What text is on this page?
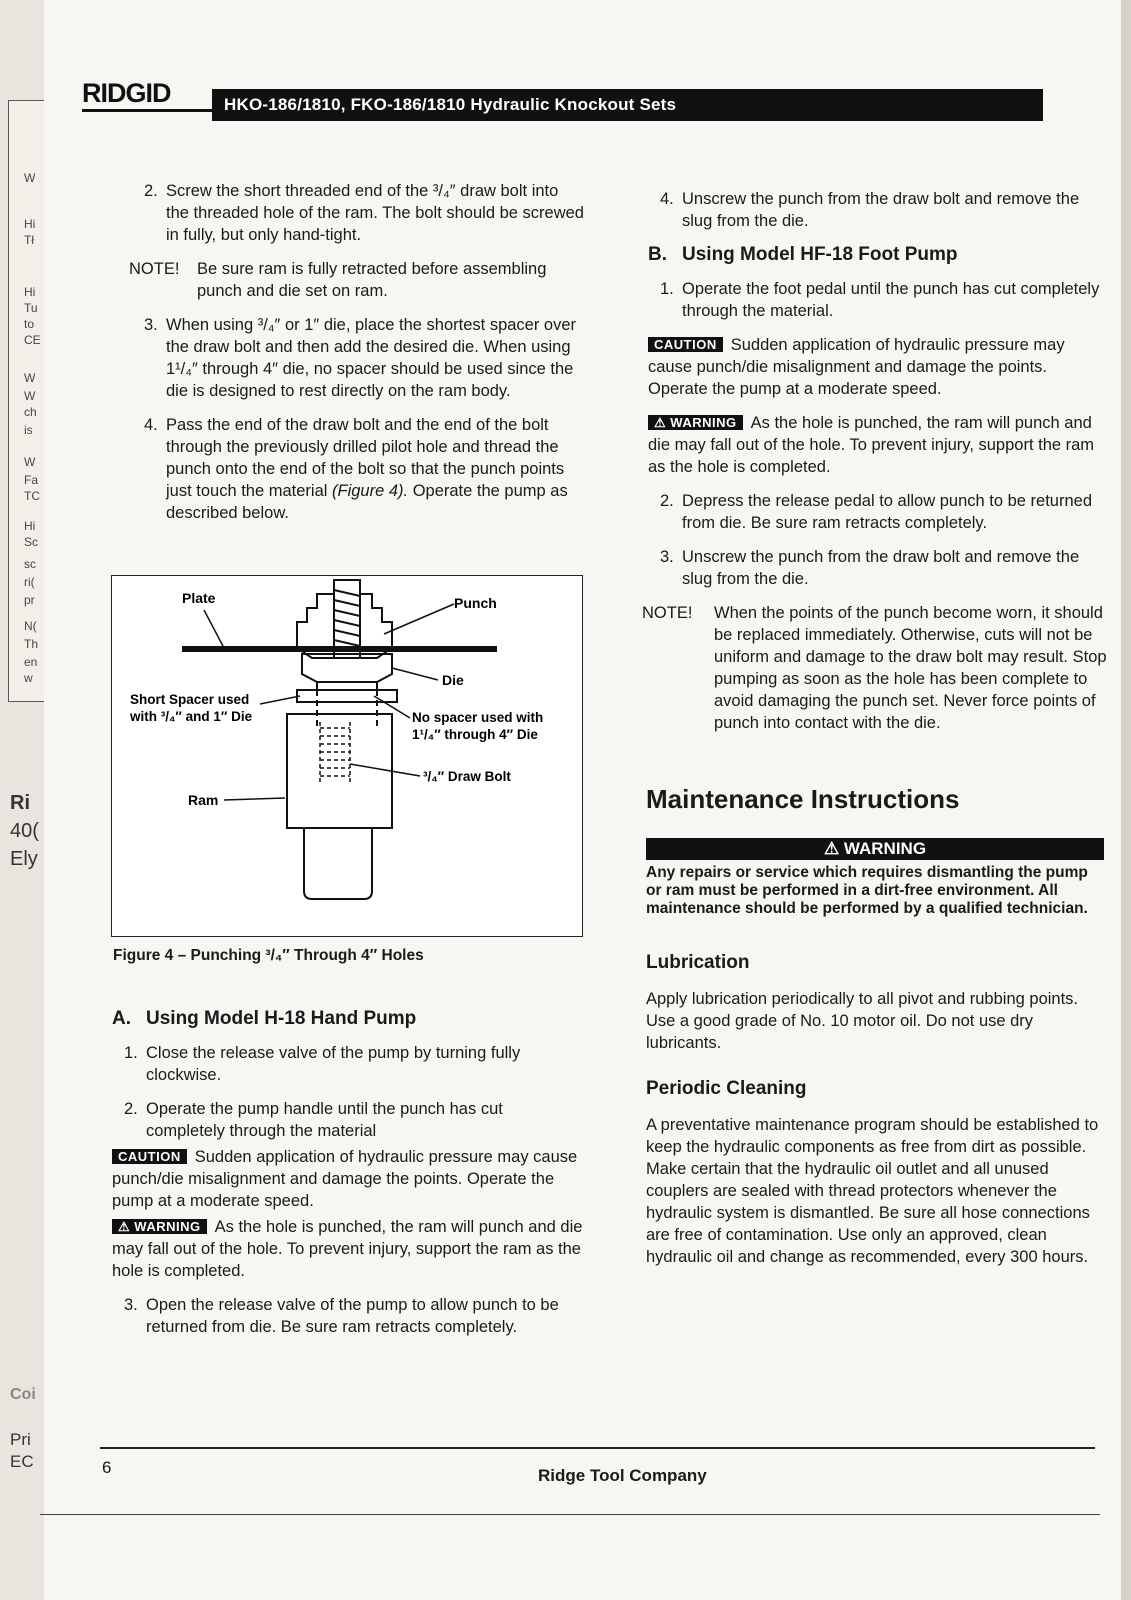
W
Hi
Tł
Hi
Tu
to
CE
W
W
ch
is
W
Fa
TC
Hi
Sc
sc
ri(
pr
N(
Th
en
w
Ri
40(
Ely
Coi
Pri
EC
RIDGID	HKO-186/1810, FKO-186/1810 Hydraulic Knockout Sets
2. Screw the short threaded end of the ³/₄″ draw bolt into the threaded hole of the ram. The bolt should be screwed in fully, but only hand-tight.
NOTE! Be sure ram is fully retracted before assembling punch and die set on ram.
3. When using ³/₄″ or 1″ die, place the shortest spacer over the draw bolt and then add the desired die. When using 1¹/₄″ through 4″ die, no spacer should be used since the die is designed to rest directly on the ram body.
4. Pass the end of the draw bolt and the end of the bolt through the previously drilled pilot hole and thread the punch onto the end of the bolt so that the punch points just touch the material (Figure 4). Operate the pump as described below.
Plate	Punch
Die
Short Spacer used
with ³/₄″ and 1″ Die	No spacer used with
1¹/₄″ through 4″ Die
³/₄″ Draw Bolt
Ram
Figure 4 – Punching ³/₄″ Through 4″ Holes
A. Using Model H-18 Hand Pump
1. Close the release valve of the pump by turning fully clockwise.
2. Operate the pump handle until the punch has cut completely through the material
CAUTION Sudden application of hydraulic pressure may cause punch/die misalignment and damage the points. Operate the pump at a moderate speed.
⚠ WARNING As the hole is punched, the ram will punch and die may fall out of the hole. To prevent injury, support the ram as the hole is completed.
3. Open the release valve of the pump to allow punch to be returned from die. Be sure ram retracts completely.
4. Unscrew the punch from the draw bolt and remove the slug from the die.
B. Using Model HF-18 Foot Pump
1. Operate the foot pedal until the punch has cut completely through the material.
CAUTION Sudden application of hydraulic pressure may cause punch/die misalignment and damage the points. Operate the pump at a moderate speed.
⚠ WARNING As the hole is punched, the ram will punch and die may fall out of the hole. To prevent injury, support the ram as the hole is completed.
2. Depress the release pedal to allow punch to be returned from die. Be sure ram retracts completely.
3. Unscrew the punch from the draw bolt and remove the slug from the die.
NOTE! When the points of the punch become worn, it should be replaced immediately. Otherwise, cuts will not be uniform and damage to the draw bolt may result. Stop pumping as soon as the hole has been complete to avoid damaging the punch set. Never force points of punch into contact with the die.
Maintenance Instructions
⚠ WARNING
Any repairs or service which requires dismantling the pump or ram must be performed in a dirt-free environment. All maintenance should be performed by a qualified technician.
Lubrication
Apply lubrication periodically to all pivot and rubbing points. Use a good grade of No. 10 motor oil. Do not use dry lubricants.
Periodic Cleaning
A preventative maintenance program should be established to keep the hydraulic components as free from dirt as possible. Make certain that the hydraulic oil outlet and all unused couplers are sealed with thread protectors whenever the hydraulic system is dismantled. Be sure all hose connections are free of contamination. Use only an approved, clean hydraulic oil and change as recommended, every 300 hours.
6	Ridge Tool Company
